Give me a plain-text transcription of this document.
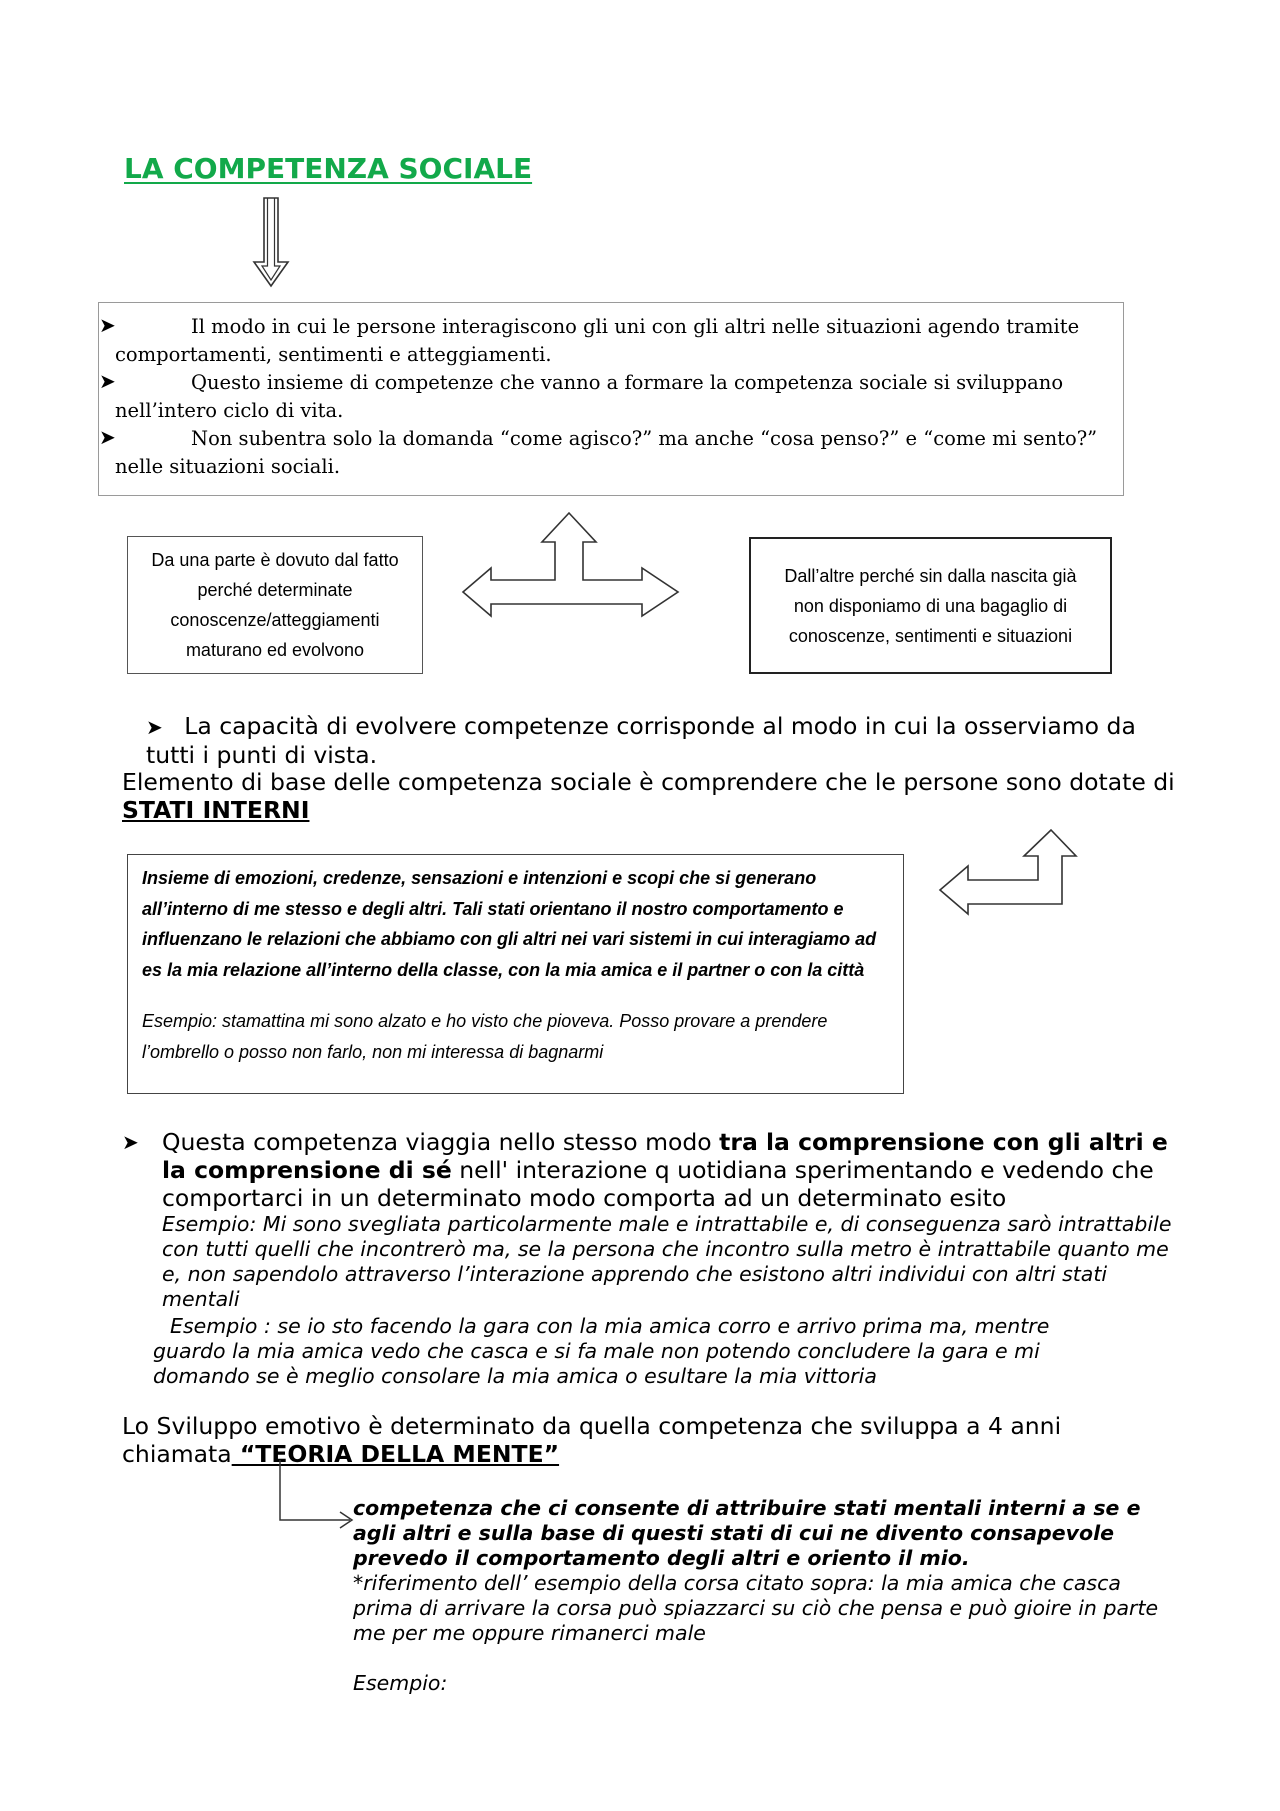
LA COMPETENZA SOCIALE
➤	Il modo in cui le persone interagiscono gli uni con gli altri nelle situazioni agendo tramite comportamenti, sentimenti e atteggiamenti.
➤	Questo insieme di competenze che vanno a formare la competenza sociale si sviluppano nell’intero ciclo di vita.
➤	Non subentra solo la domanda “come agisco?” ma anche “cosa penso?” e “come mi sento?” nelle situazioni sociali.
Da una parte è dovuto dal fatto perché determinate conoscenze/atteggiamenti maturano ed evolvono
Dall’altre perché sin dalla nascita già non disponiamo di una bagaglio di conoscenze, sentimenti e situazioni
➤ La capacità di evolvere competenze corrisponde al modo in cui la osserviamo da tutti i punti di vista.
Elemento di base delle competenza sociale è comprendere che le persone sono dotate di STATI INTERNI
Insieme di emozioni, credenze, sensazioni e intenzioni e scopi che si generano all’interno di me stesso e degli altri. Tali stati orientano il nostro comportamento e influenzano le relazioni che abbiamo con gli altri nei vari sistemi in cui interagiamo ad es la mia relazione all’interno della classe, con la mia amica e il partner o con la città
Esempio: stamattina mi sono alzato e ho visto che pioveva. Posso provare a prendere l’ombrello o posso non farlo, non mi interessa di bagnarmi
➤ Questa competenza viaggia nello stesso modo tra la comprensione con gli altri e la comprensione di sé nell' interazione q uotidiana sperimentando e vedendo che comportarci in un determinato modo comporta ad un determinato esito
Esempio: Mi sono svegliata particolarmente male e intrattabile e, di conseguenza sarò intrattabile con tutti quelli che incontrerò ma, se la persona che incontro sulla metro è intrattabile quanto me e, non sapendolo attraverso l’interazione apprendo che esistono altri individui con altri stati mentali
Esempio : se io sto facendo la gara con la mia amica corro e arrivo prima ma, mentre guardo la mia amica vedo che casca e si fa male non potendo concludere la gara e mi domando se è meglio consolare la mia amica o esultare la mia vittoria
Lo Sviluppo emotivo è determinato da quella competenza che sviluppa a 4 anni chiamata “TEORIA DELLA MENTE”
competenza che ci consente di attribuire stati mentali interni a se e agli altri e sulla base di questi stati di cui ne divento consapevole prevedo il comportamento degli altri e oriento il mio.
*riferimento dell’ esempio della corsa citato sopra: la mia amica che casca prima di arrivare la corsa può spiazzarci su ciò che pensa e può gioire in parte me per me oppure rimanerci male
Esempio:
